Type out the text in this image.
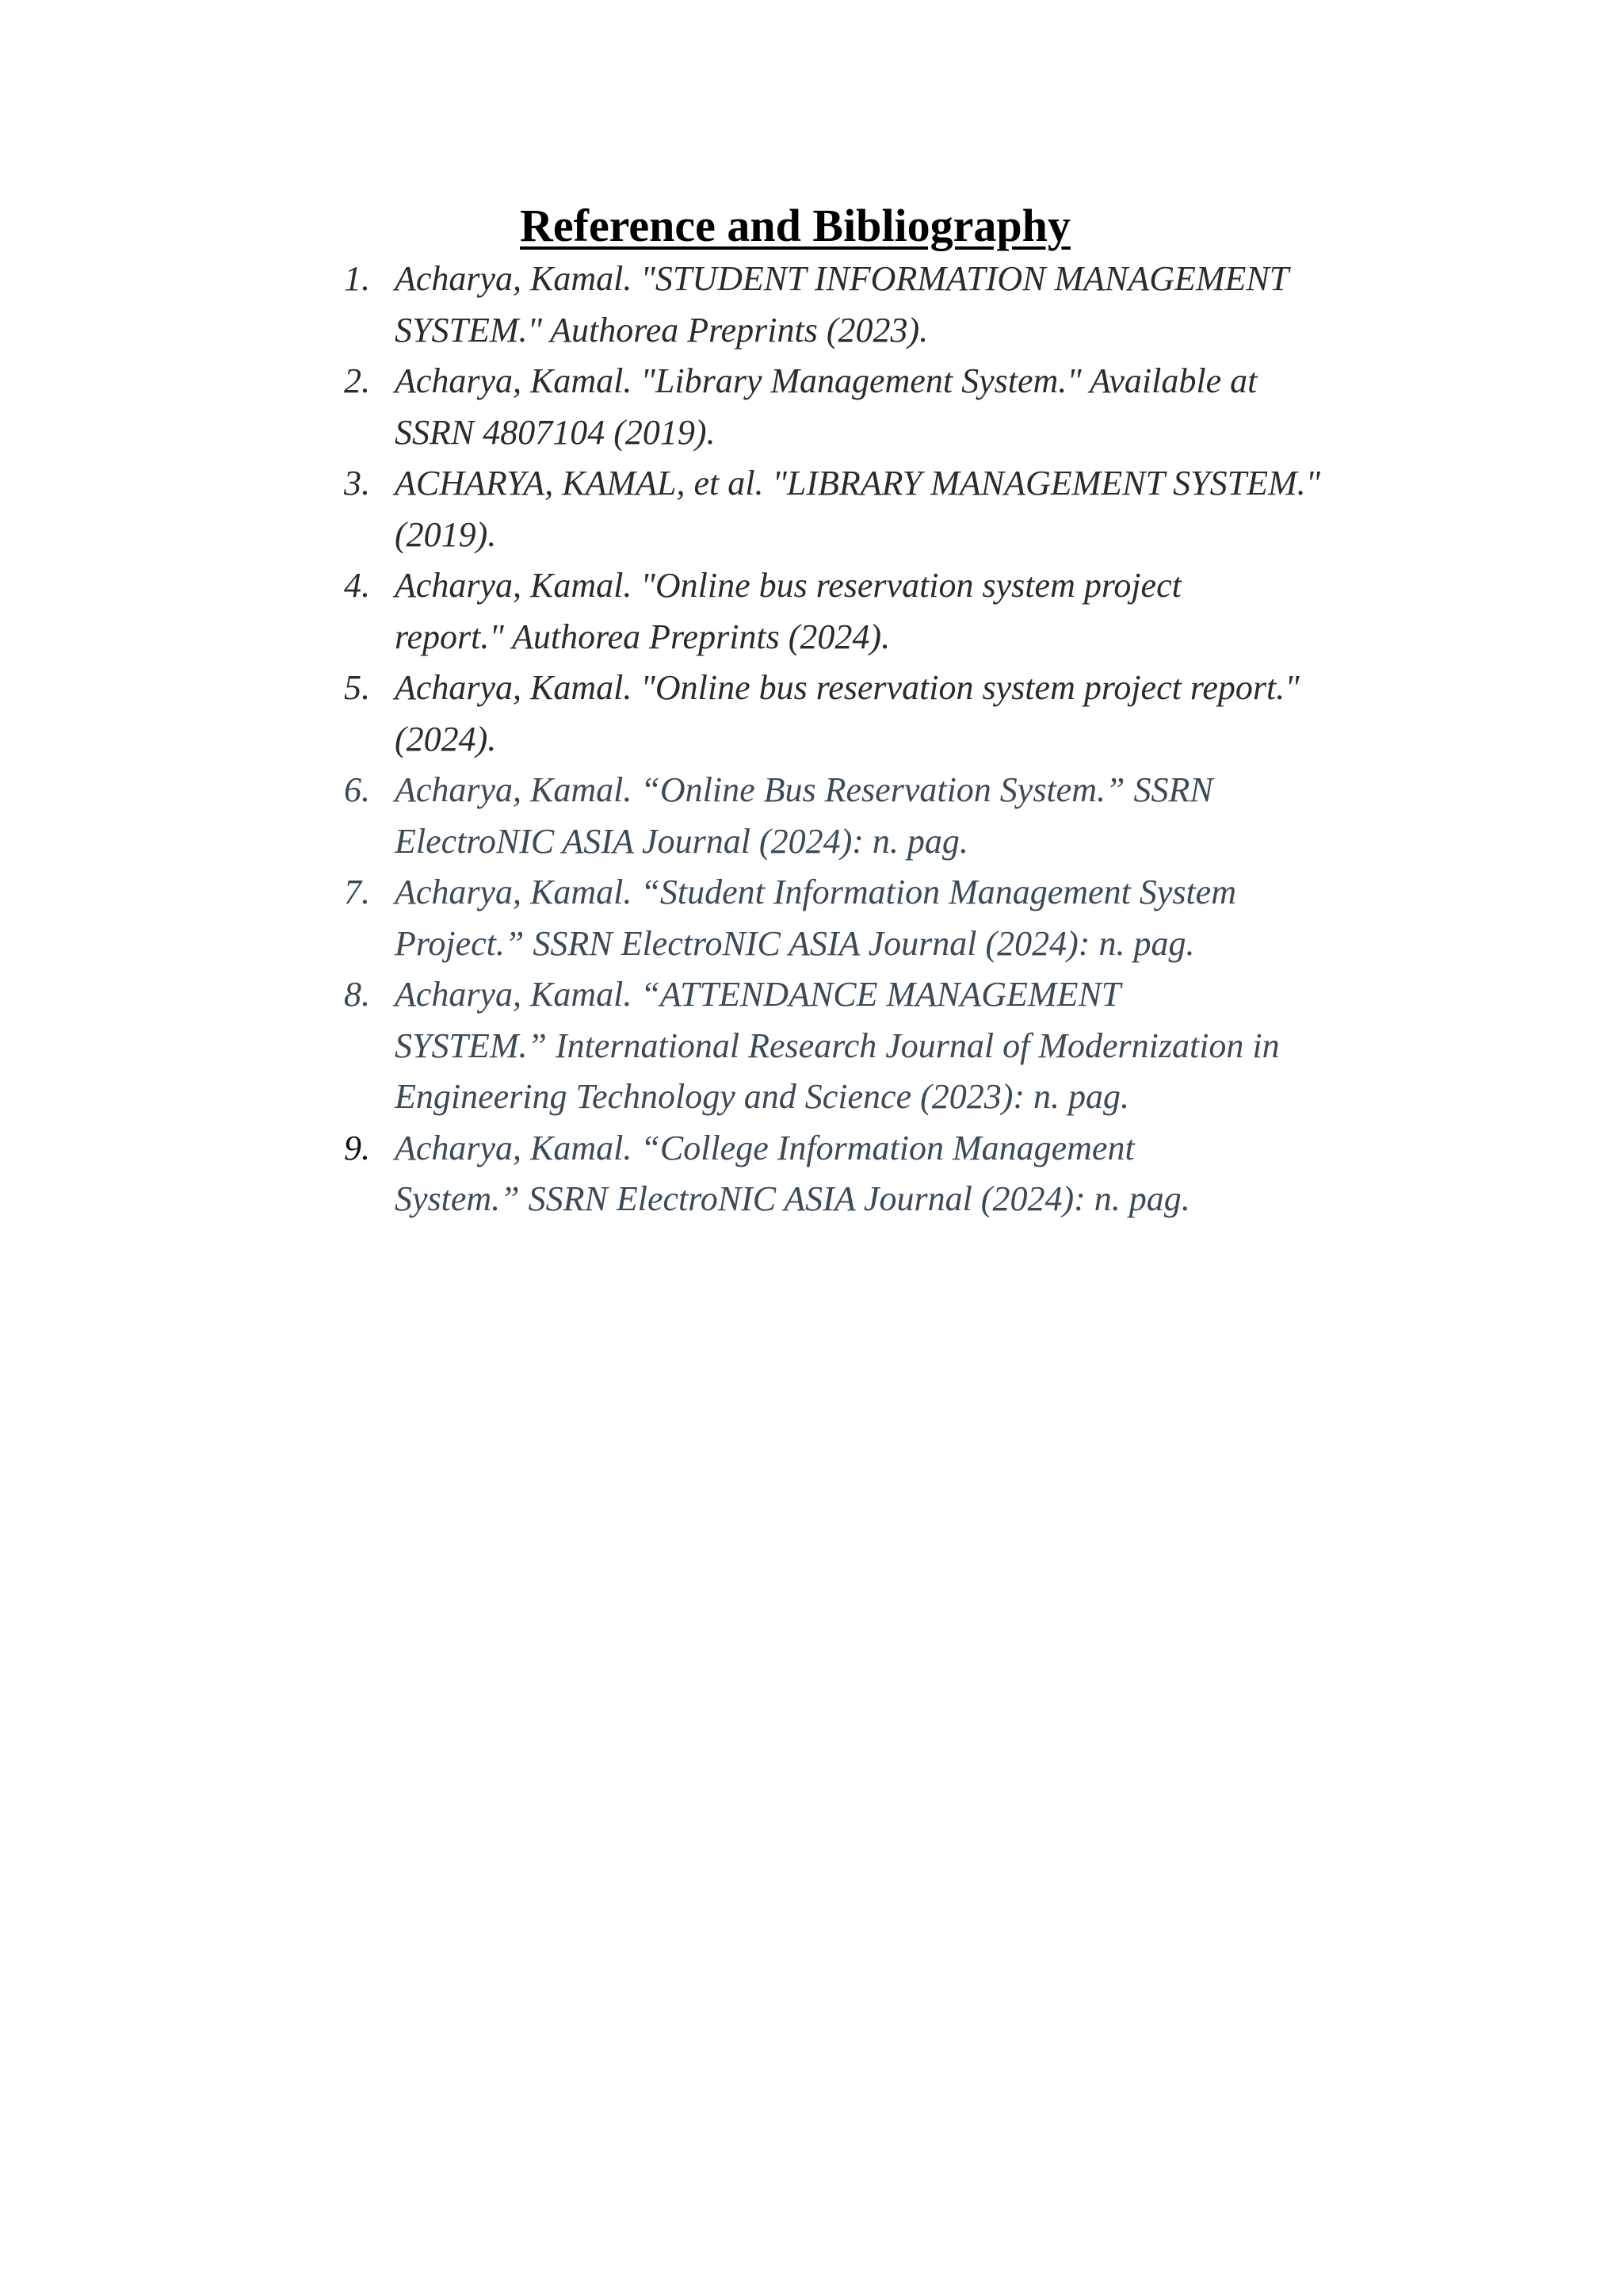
Reference and Bibliography
1. Acharya, Kamal. "STUDENT INFORMATION MANAGEMENT
SYSTEM." Authorea Preprints (2023).
2. Acharya, Kamal. "Library Management System." Available at
SSRN 4807104 (2019).
3. ACHARYA, KAMAL, et al. "LIBRARY MANAGEMENT SYSTEM."
(2019).
4. Acharya, Kamal. "Online bus reservation system project
report." Authorea Preprints (2024).
5. Acharya, Kamal. "Online bus reservation system project report."
(2024).
6. Acharya, Kamal. “Online Bus Reservation System.” SSRN
ElectroNIC ASIA Journal (2024): n. pag.
7. Acharya, Kamal. “Student Information Management System
Project.” SSRN ElectroNIC ASIA Journal (2024): n. pag.
8. Acharya, Kamal. “ATTENDANCE MANAGEMENT
SYSTEM.” International Research Journal of Modernization in
Engineering Technology and Science (2023): n. pag.
9. Acharya, Kamal. “College Information Management
System.” SSRN ElectroNIC ASIA Journal (2024): n. pag.
